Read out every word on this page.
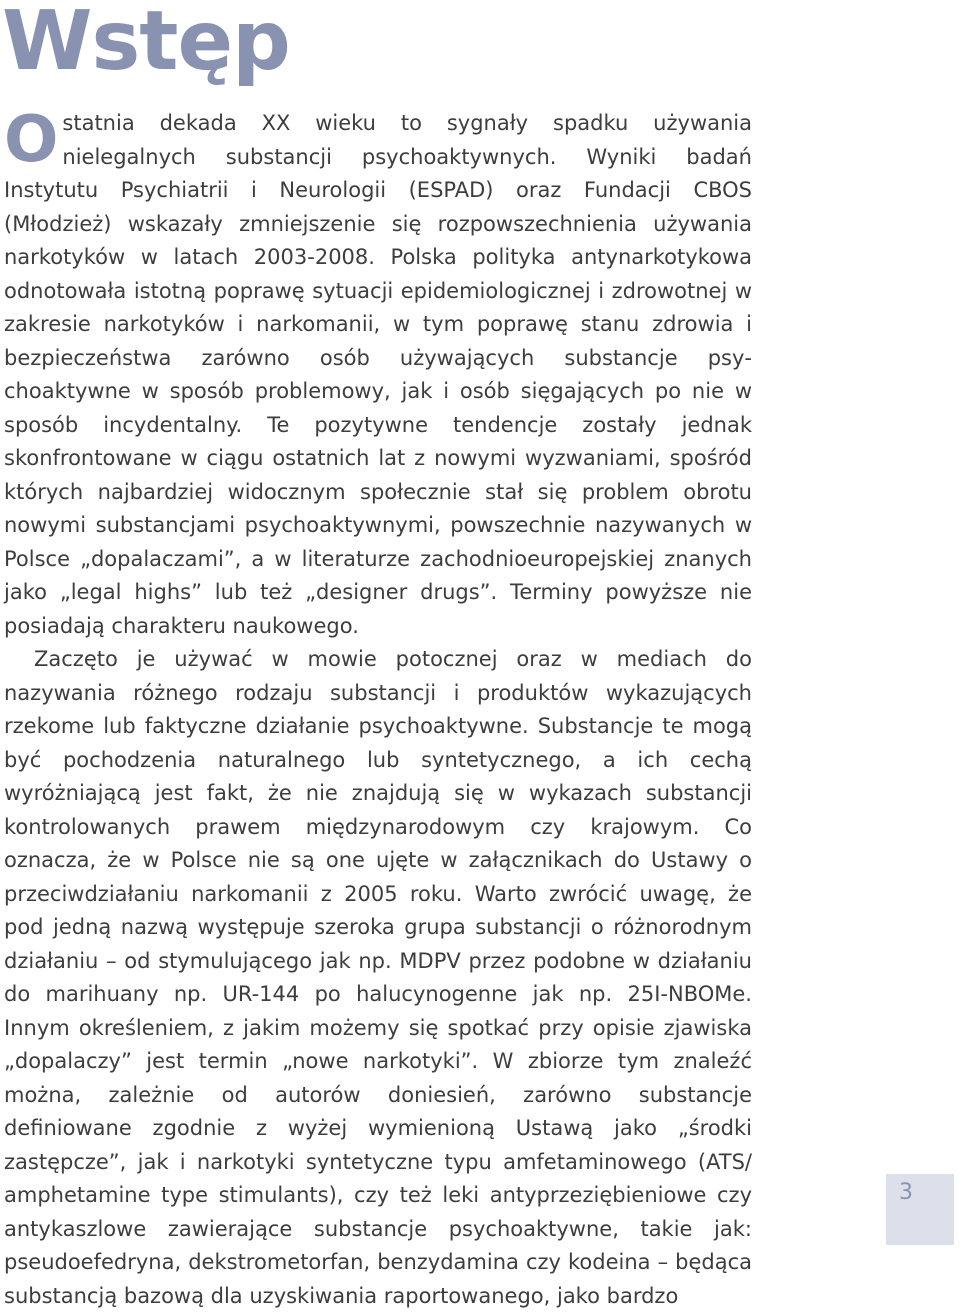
Wstęp

Ostatnia dekada XX wieku to sygnały spadku używania nielegalnych substancji psychoaktywnych. Wyniki badań Instytutu Psychiatrii i Neurologii (ESPAD) oraz Fundacji CBOS (Młodzież) wskazały zmniejszenie się rozpowszechnienia używania narkotyków w latach 2003-2008. Polska polityka antynarkotykowa odnotowała istotną poprawę sytuacji epidemiologicznej i zdrowotnej w zakresie narkotyków i narkomanii, w tym poprawę stanu zdrowia i bezpieczeństwa zarówno osób używających substancje psychoaktywne w sposób problemowy, jak i osób sięgających po nie w sposób incydentalny. Te pozytywne tendencje zostały jednak skonfrontowane w ciągu ostatnich lat z nowymi wyzwaniami, spośród których najbardziej widocznym społecznie stał się problem obrotu nowymi substancjami psychoaktywnymi, powszechnie nazywanych w Polsce „dopalaczami”, a w literaturze zachodnioeuropejskiej znanych jako „legal highs” lub też „designer drugs”. Terminy powyższe nie posiadają charakteru naukowego.

Zaczęto je używać w mowie potocznej oraz w mediach do nazywania różnego rodzaju substancji i produktów wykazujących rzekome lub faktyczne działanie psychoaktywne. Substancje te mogą być pochodzenia naturalnego lub syntetycznego, a ich cechą wyróżniającą jest fakt, że nie znajdują się w wykazach substancji kontrolowanych prawem międzynarodowym czy krajowym. Co oznacza, że w Polsce nie są one ujęte w załącznikach do Ustawy o przeciwdziałaniu narkomanii z 2005 roku. Warto zwrócić uwagę, że pod jedną nazwą występuje szeroka grupa substancji o różnorodnym działaniu – od stymulującego jak np. MDPV przez podobne w działaniu do marihuany np. UR-144 po halucynogenne jak np. 25I-NBOMe. Innym określeniem, z jakim możemy się spotkać przy opisie zjawiska „dopalaczy” jest termin „nowe narkotyki”. W zbiorze tym znaleźć można, zależnie od autorów doniesień, zarówno substancje definiowane zgodnie z wyżej wymienioną Ustawą jako „środki zastępcze”, jak i narkotyki syntetyczne typu amfetaminowego (ATS/ amphetamine type stimulants), czy też leki antyprzeziębieniowe czy antykaszlowe zawierające substancje psychoaktywne, takie jak: pseudoefedryna, dekstrometorfan, benzydamina czy kodeina – będąca substancją bazową dla uzyskiwania raportowanego, jako bardzo

3
